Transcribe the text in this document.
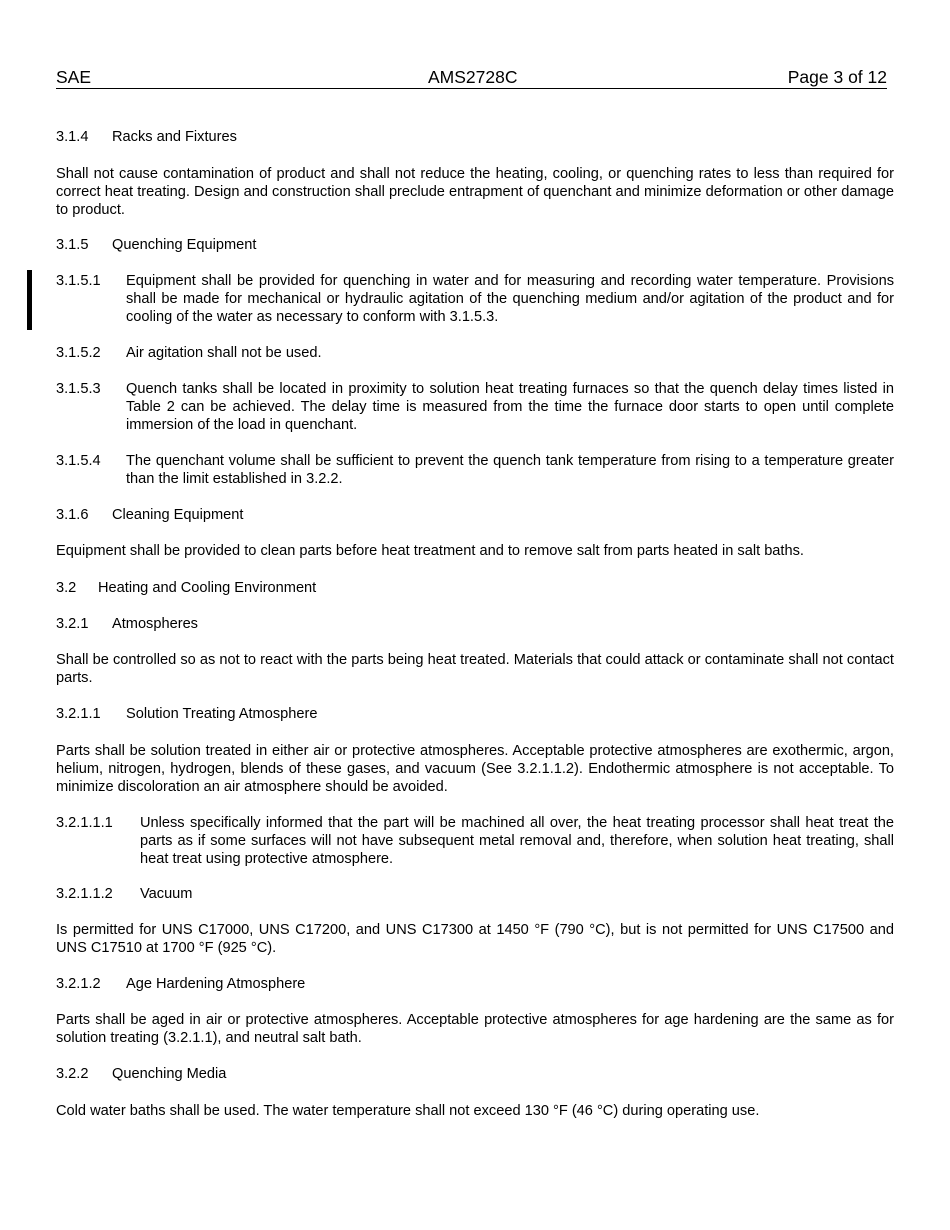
SAE	AMS2728C	Page 3 of 12
3.1.4 Racks and Fixtures
Shall not cause contamination of product and shall not reduce the heating, cooling, or quenching rates to less than required for correct heat treating. Design and construction shall preclude entrapment of quenchant and minimize deformation or other damage to product.
3.1.5 Quenching Equipment
3.1.5.1	Equipment shall be provided for quenching in water and for measuring and recording water temperature. Provisions shall be made for mechanical or hydraulic agitation of the quenching medium and/or agitation of the product and for cooling of the water as necessary to conform with 3.1.5.3.
3.1.5.2	Air agitation shall not be used.
3.1.5.3	Quench tanks shall be located in proximity to solution heat treating furnaces so that the quench delay times listed in Table 2 can be achieved. The delay time is measured from the time the furnace door starts to open until complete immersion of the load in quenchant.
3.1.5.4	The quenchant volume shall be sufficient to prevent the quench tank temperature from rising to a temperature greater than the limit established in 3.2.2.
3.1.6 Cleaning Equipment
Equipment shall be provided to clean parts before heat treatment and to remove salt from parts heated in salt baths.
3.2 Heating and Cooling Environment
3.2.1 Atmospheres
Shall be controlled so as not to react with the parts being heat treated. Materials that could attack or contaminate shall not contact parts.
3.2.1.1 Solution Treating Atmosphere
Parts shall be solution treated in either air or protective atmospheres. Acceptable protective atmospheres are exothermic, argon, helium, nitrogen, hydrogen, blends of these gases, and vacuum (See 3.2.1.1.2). Endothermic atmosphere is not acceptable. To minimize discoloration an air atmosphere should be avoided.
3.2.1.1.1	Unless specifically informed that the part will be machined all over, the heat treating processor shall heat treat the parts as if some surfaces will not have subsequent metal removal and, therefore, when solution heat treating, shall heat treat using protective atmosphere.
3.2.1.1.2 Vacuum
Is permitted for UNS C17000, UNS C17200, and UNS C17300 at 1450 °F (790 °C), but is not permitted for UNS C17500 and UNS C17510 at 1700 °F (925 °C).
3.2.1.2 Age Hardening Atmosphere
Parts shall be aged in air or protective atmospheres. Acceptable protective atmospheres for age hardening are the same as for solution treating (3.2.1.1), and neutral salt bath.
3.2.2 Quenching Media
Cold water baths shall be used. The water temperature shall not exceed 130 °F (46 °C) during operating use.
